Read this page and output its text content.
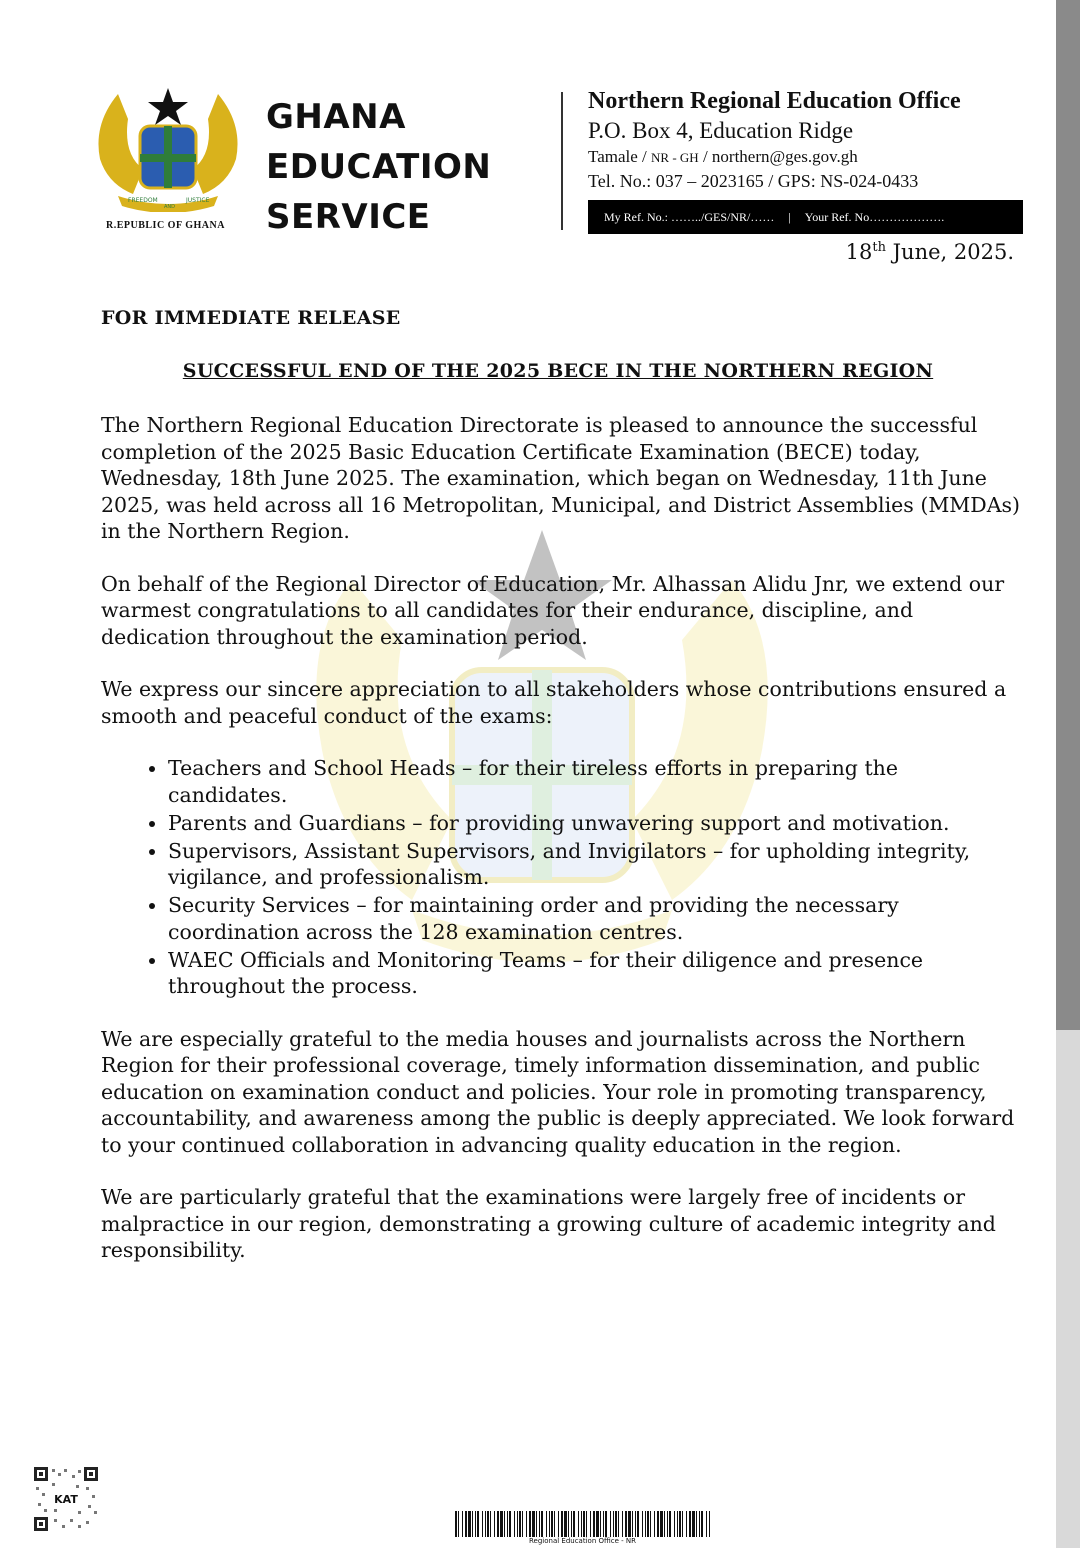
FREEDOM
AND
JUSTICE
R.EPUBLIC OF GHANA
GHANA
EDUCATION
SERVICE
Northern Regional Education Office
P.O. Box 4, Education Ridge
Tamale / NR - GH / northern@ges.gov.gh
Tel. No.: 037 – 2023165 / GPS: NS-024-0433
My Ref. No.: ……../GES/NR/…… | Your Ref. No……………….
18th June, 2025.
FOR IMMEDIATE RELEASE
SUCCESSFUL END OF THE 2025 BECE IN THE NORTHERN REGION

The Northern Regional Education Directorate is pleased to announce the successful completion of the 2025 Basic Education Certificate Examination (BECE) today, Wednesday, 18th June 2025. The examination, which began on Wednesday, 11th June 2025, was held across all 16 Metropolitan, Municipal, and District Assemblies (MMDAs) in the Northern Region.

On behalf of the Regional Director of Education, Mr. Alhassan Alidu Jnr, we extend our warmest congratulations to all candidates for their endurance, discipline, and dedication throughout the examination period.

We express our sincere appreciation to all stakeholders whose contributions ensured a smooth and peaceful conduct of the exams:

• Teachers and School Heads – for their tireless efforts in preparing the candidates.
• Parents and Guardians – for providing unwavering support and motivation.
• Supervisors, Assistant Supervisors, and Invigilators – for upholding integrity, vigilance, and professionalism.
• Security Services – for maintaining order and providing the necessary coordination across the 128 examination centres.
• WAEC Officials and Monitoring Teams – for their diligence and presence throughout the process.

We are especially grateful to the media houses and journalists across the Northern Region for their professional coverage, timely information dissemination, and public education on examination conduct and policies. Your role in promoting transparency, accountability, and awareness among the public is deeply appreciated. We look forward to your continued collaboration in advancing quality education in the region.

We are particularly grateful that the examinations were largely free of incidents or malpractice in our region, demonstrating a growing culture of academic integrity and responsibility.

KAT
Regional Education Office - NR
